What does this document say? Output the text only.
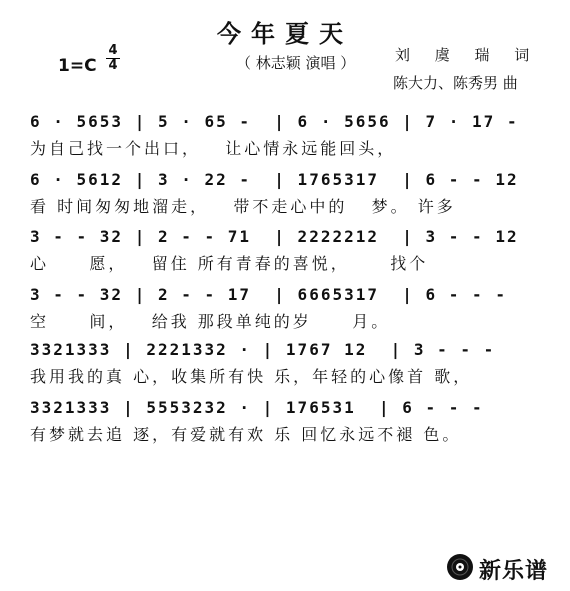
今年夏天
1=C
4
4	（ 林志颖 演唱 ）	刘 虞 瑞 词
陈大力、陈秀男 曲
6 · 5653 | 5 · 65 -  | 6 · 5656 | 7 · 17 -
为自己找一个出口，   让心情永远能回头，
6 · 5612 | 3 · 22 -  | 1765317  | 6 - - 12
看 时间匆匆地溜走，   带不走心中的   梦。 许多
3 - - 32 | 2 - - 71  | 2222212  | 3 - - 12
心     愿，   留住 所有青春的喜悦，     找个
3 - - 32 | 2 - - 17  | 6665317  | 6 - - -
空     间，   给我 那段单纯的岁     月。
3321333 | 2221332 · | 1767 12  | 3 - - -
我用我的真 心，收集所有快 乐，年轻的心像首 歌，
3321333 | 5553232 · | 176531  | 6 - - -
有梦就去追 逐，有爱就有欢 乐 回忆永远不褪 色。
新乐谱
